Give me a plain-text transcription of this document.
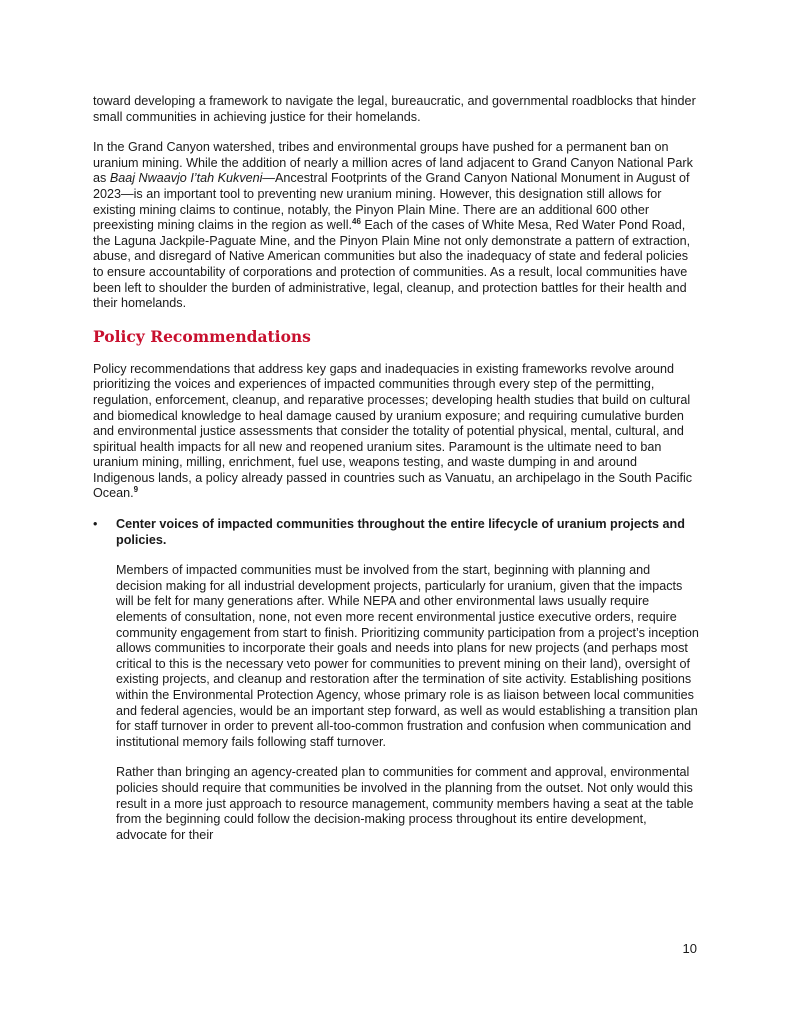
toward developing a framework to navigate the legal, bureaucratic, and governmental roadblocks that hinder small communities in achieving justice for their homelands.

In the Grand Canyon watershed, tribes and environmental groups have pushed for a permanent ban on uranium mining. While the addition of nearly a million acres of land adjacent to Grand Canyon National Park as Baaj Nwaavjo I’tah Kukveni—Ancestral Footprints of the Grand Canyon National Monument in August of 2023—is an important tool to preventing new uranium mining. However, this designation still allows for existing mining claims to continue, notably, the Pinyon Plain Mine. There are an additional 600 other preexisting mining claims in the region as well.$^{46}$ Each of the cases of White Mesa, Red Water Pond Road, the Laguna Jackpile-Paguate Mine, and the Pinyon Plain Mine not only demonstrate a pattern of extraction, abuse, and disregard of Native American communities but also the inadequacy of state and federal policies to ensure accountability of corporations and protection of communities. As a result, local communities have been left to shoulder the burden of administrative, legal, cleanup, and protection battles for their health and their homelands.

Policy Recommendations

Policy recommendations that address key gaps and inadequacies in existing frameworks revolve around prioritizing the voices and experiences of impacted communities through every step of the permitting, regulation, enforcement, cleanup, and reparative processes; developing health studies that build on cultural and biomedical knowledge to heal damage caused by uranium exposure; and requiring cumulative burden and environmental justice assessments that consider the totality of potential physical, mental, cultural, and spiritual health impacts for all new and reopened uranium sites. Paramount is the ultimate need to ban uranium mining, milling, enrichment, fuel use, weapons testing, and waste dumping in and around Indigenous lands, a policy already passed in countries such as Vanuatu, an archipelago in the South Pacific Ocean.$^9$

• Center voices of impacted communities throughout the entire lifecycle of uranium projects and policies.

Members of impacted communities must be involved from the start, beginning with planning and decision making for all industrial development projects, particularly for uranium, given that the impacts will be felt for many generations after. While NEPA and other environmental laws usually require elements of consultation, none, not even more recent environmental justice executive orders, require community engagement from start to finish. Prioritizing community participation from a project’s inception allows communities to incorporate their goals and needs into plans for new projects (and perhaps most critical to this is the necessary veto power for communities to prevent mining on their land), oversight of existing projects, and cleanup and restoration after the termination of site activity. Establishing positions within the Environmental Protection Agency, whose primary role is as liaison between local communities and federal agencies, would be an important step forward, as well as would establishing a transition plan for staff turnover in order to prevent all-too-common frustration and confusion when communication and institutional memory fails following staff turnover.

Rather than bringing an agency-created plan to communities for comment and approval, environmental policies should require that communities be involved in the planning from the outset. Not only would this result in a more just approach to resource management, community members having a seat at the table from the beginning could follow the decision-making process throughout its entire development, advocate for their

10
